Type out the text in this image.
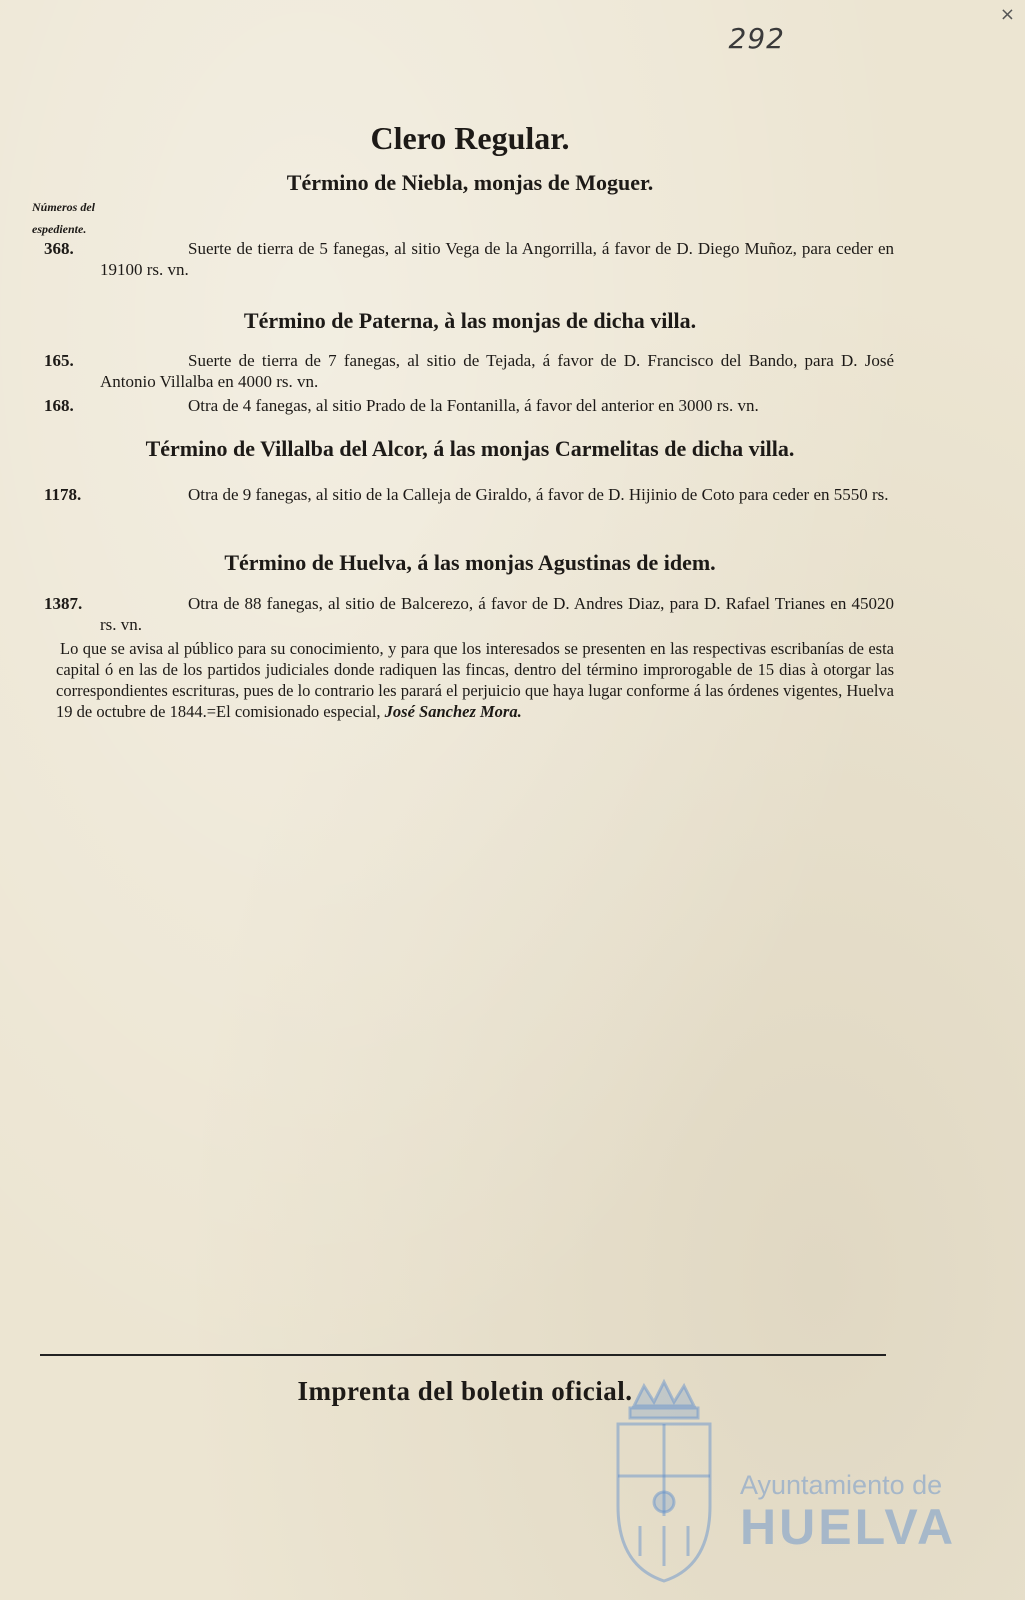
×
292
Clero Regular.
Números del
espediente.
Término de Niebla, monjas de Moguer.
368.	Suerte de tierra de 5 fanegas, al sitio Vega de la Angorrilla, á favor de D. Diego Muñoz, para ceder en 19100 rs. vn.
Término de Paterna, à las monjas de dicha villa.
165.	Suerte de tierra de 7 fanegas, al sitio de Tejada, á favor de D. Francisco del Bando, para D. José Antonio Villalba en 4000 rs. vn.
168.	Otra de 4 fanegas, al sitio Prado de la Fontanilla, á favor del anterior en 3000 rs. vn.
Término de Villalba del Alcor, á las monjas Carmelitas de dicha villa.
1178.	Otra de 9 fanegas, al sitio de la Calleja de Giraldo, á favor de D. Hijinio de Coto para ceder en 5550 rs.
Término de Huelva, á las monjas Agustinas de idem.
1387.	Otra de 88 fanegas, al sitio de Balcerezo, á favor de D. Andres Diaz, para D. Rafael Trianes en 45020 rs. vn.
Lo que se avisa al público para su conocimiento, y para que los interesados se presenten en las respectivas escribanías de esta capital ó en las de los partidos judiciales donde radiquen las fincas, dentro del término improrogable de 15 dias à otorgar las correspondientes escrituras, pues de lo contrario les parará el perjuicio que haya lugar conforme á las órdenes vigentes, Huelva 19 de octubre de 1844.=El comisionado especial, José Sanchez Mora.
Imprenta del boletin oficial.
Ayuntamiento de
HUELVA
